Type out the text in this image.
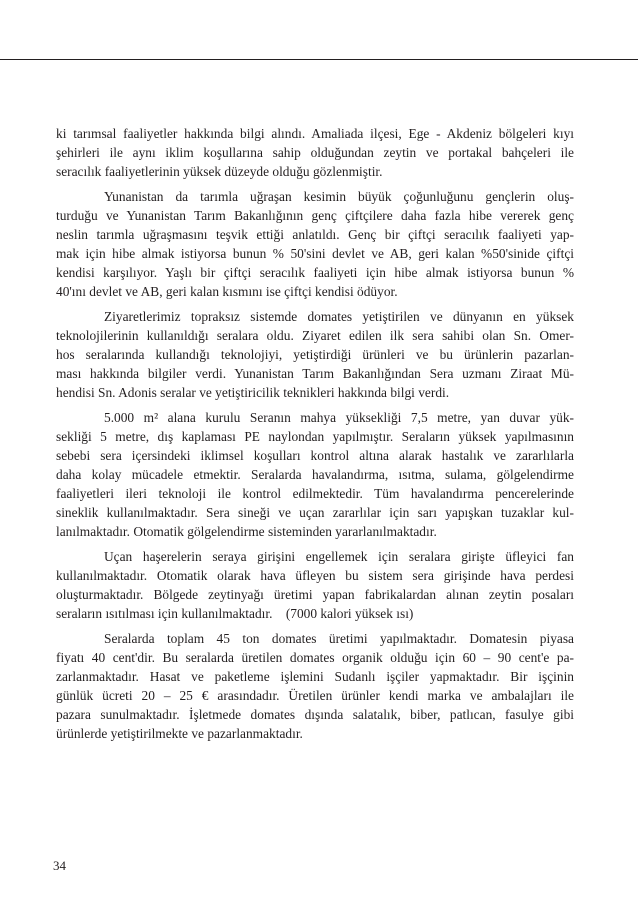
ki tarımsal faaliyetler hakkında bilgi alındı. Amaliada ilçesi, Ege - Akdeniz bölgeleri kıyı
şehirleri ile aynı iklim koşullarına sahip olduğundan zeytin ve portakal bahçeleri ile
seracılık faaliyetlerinin yüksek düzeyde olduğu gözlenmiştir.
Yunanistan da tarımla uğraşan kesimin büyük çoğunluğunu gençlerin oluş-
turduğu ve Yunanistan Tarım Bakanlığının genç çiftçilere daha fazla hibe vererek genç
neslin tarımla uğraşmasını teşvik ettiği anlatıldı. Genç bir çiftçi seracılık faaliyeti yap-
mak için hibe almak istiyorsa bunun % 50'sini devlet ve AB, geri kalan %50'sinide çiftçi
kendisi karşılıyor. Yaşlı bir çiftçi seracılık faaliyeti için hibe almak istiyorsa bunun %
40'ını devlet ve AB, geri kalan kısmını ise çiftçi kendisi ödüyor.
Ziyaretlerimiz topraksız sistemde domates yetiştirilen ve dünyanın en yüksek
teknolojilerinin kullanıldığı seralara oldu. Ziyaret edilen ilk sera sahibi olan Sn. Omer-
hos seralarında kullandığı teknolojiyi, yetiştirdiği ürünleri ve bu ürünlerin pazarlan-
ması hakkında bilgiler verdi. Yunanistan Tarım Bakanlığından Sera uzmanı Ziraat Mü-
hendisi Sn. Adonis seralar ve yetiştiricilik teknikleri hakkında bilgi verdi.
5.000 m² alana kurulu Seranın mahya yüksekliği 7,5 metre, yan duvar yük-
sekliği 5 metre, dış kaplaması PE naylondan yapılmıştır. Seraların yüksek yapılmasının
sebebi sera içersindeki iklimsel koşulları kontrol altına alarak hastalık ve zararlılarla
daha kolay mücadele etmektir. Seralarda havalandırma, ısıtma, sulama, gölgelendirme
faaliyetleri ileri teknoloji ile kontrol edilmektedir. Tüm havalandırma pencerelerinde
sineklik kullanılmaktadır. Sera sineği ve uçan zararlılar için sarı yapışkan tuzaklar kul-
lanılmaktadır. Otomatik gölgelendirme sisteminden yararlanılmaktadır.
Uçan haşerelerin seraya girişini engellemek için seralara girişte üfleyici fan
kullanılmaktadır. Otomatik olarak hava üfleyen bu sistem sera girişinde hava perdesi
oluşturmaktadır. Bölgede zeytinyağı üretimi yapan fabrikalardan alınan zeytin posaları
seraların ısıtılması için kullanılmaktadır.    (7000 kalori yüksek ısı)
Seralarda toplam 45 ton domates üretimi yapılmaktadır. Domatesin piyasa
fiyatı 40 cent'dir. Bu seralarda üretilen domates organik olduğu için 60 – 90 cent'e pa-
zarlanmaktadır. Hasat ve paketleme işlemini Sudanlı işçiler yapmaktadır. Bir işçinin
günlük ücreti 20 – 25 € arasındadır. Üretilen ürünler kendi marka ve ambalajları ile
pazara sunulmaktadır. İşletmede domates dışında salatalık, biber, patlıcan, fasulye gibi
ürünlerde yetiştirilmekte ve pazarlanmaktadır.
34
